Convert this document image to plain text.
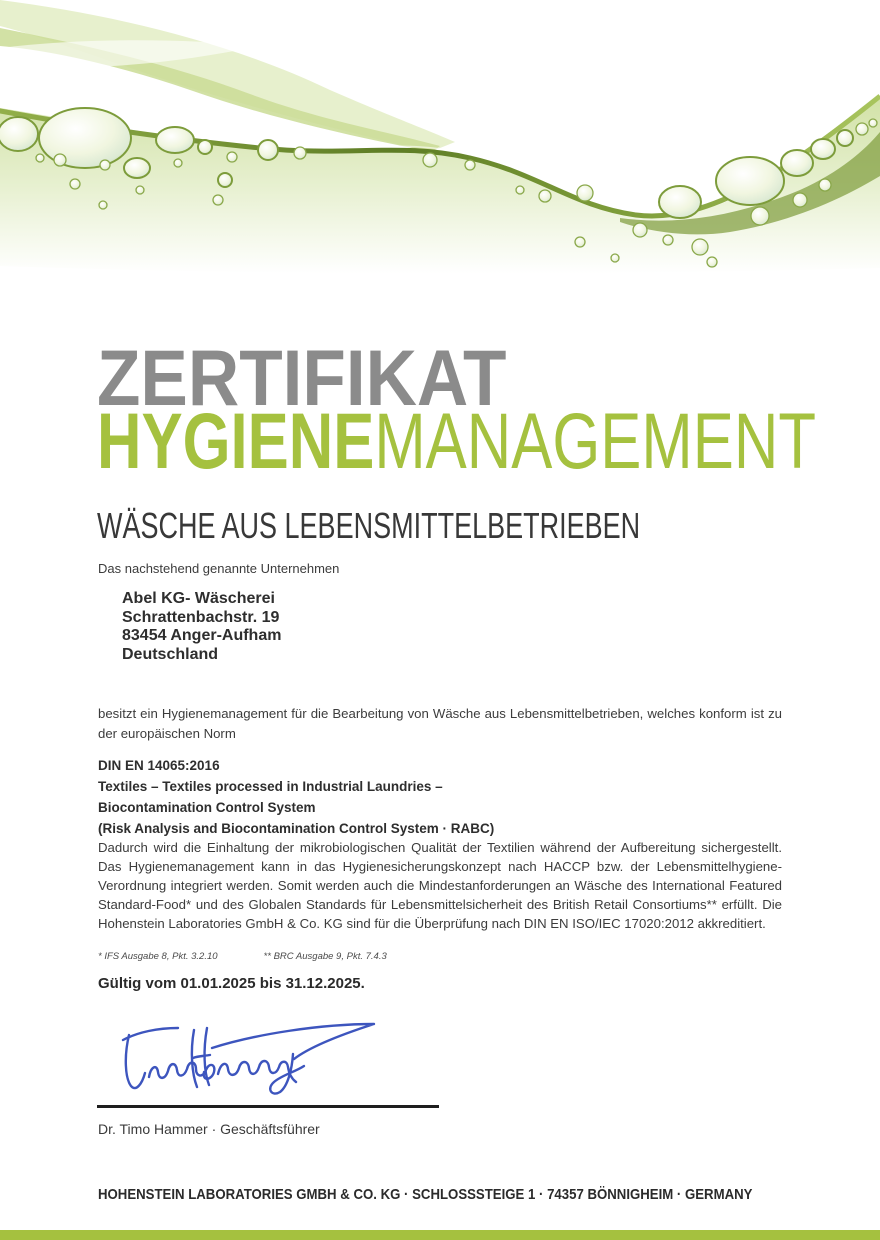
ZERTIFIKAT
HYGIENEMANAGEMENT
WÄSCHE AUS LEBENSMITTELBETRIEBEN
Das nachstehend genannte Unternehmen
Abel KG- Wäscherei
Schrattenbachstr. 19
83454 Anger-Aufham
Deutschland
besitzt ein Hygienemanagement für die Bearbeitung von Wäsche aus Lebensmittelbetrieben, welches konform ist zu der europäischen Norm
DIN EN 14065:2016
Textiles – Textiles processed in Industrial Laundries –
Biocontamination Control System
(Risk Analysis and Biocontamination Control System · RABC)
Dadurch wird die Einhaltung der mikrobiologischen Qualität der Textilien während der Aufbereitung sichergestellt. Das Hygienemanagement kann in das Hygienesicherungskonzept nach HACCP bzw. der Lebensmittelhygiene-Verordnung integriert werden. Somit werden auch die Mindestanforderungen an Wäsche des International Featured Standard-Food* und des Globalen Standards für Lebensmittelsicherheit des British Retail Consortiums** erfüllt. Die Hohenstein Laboratories GmbH & Co. KG sind für die Überprüfung nach DIN EN ISO/IEC 17020:2012 akkreditiert.
* IFS Ausgabe 8, Pkt. 3.2.10	** BRC Ausgabe 9, Pkt. 7.4.3
Gültig vom 01.01.2025 bis 31.12.2025.
Dr. Timo Hammer · Geschäftsführer
HOHENSTEIN LABORATORIES GMBH & CO. KG · SCHLOSSSTEIGE 1 · 74357 BÖNNIGHEIM · GERMANY
